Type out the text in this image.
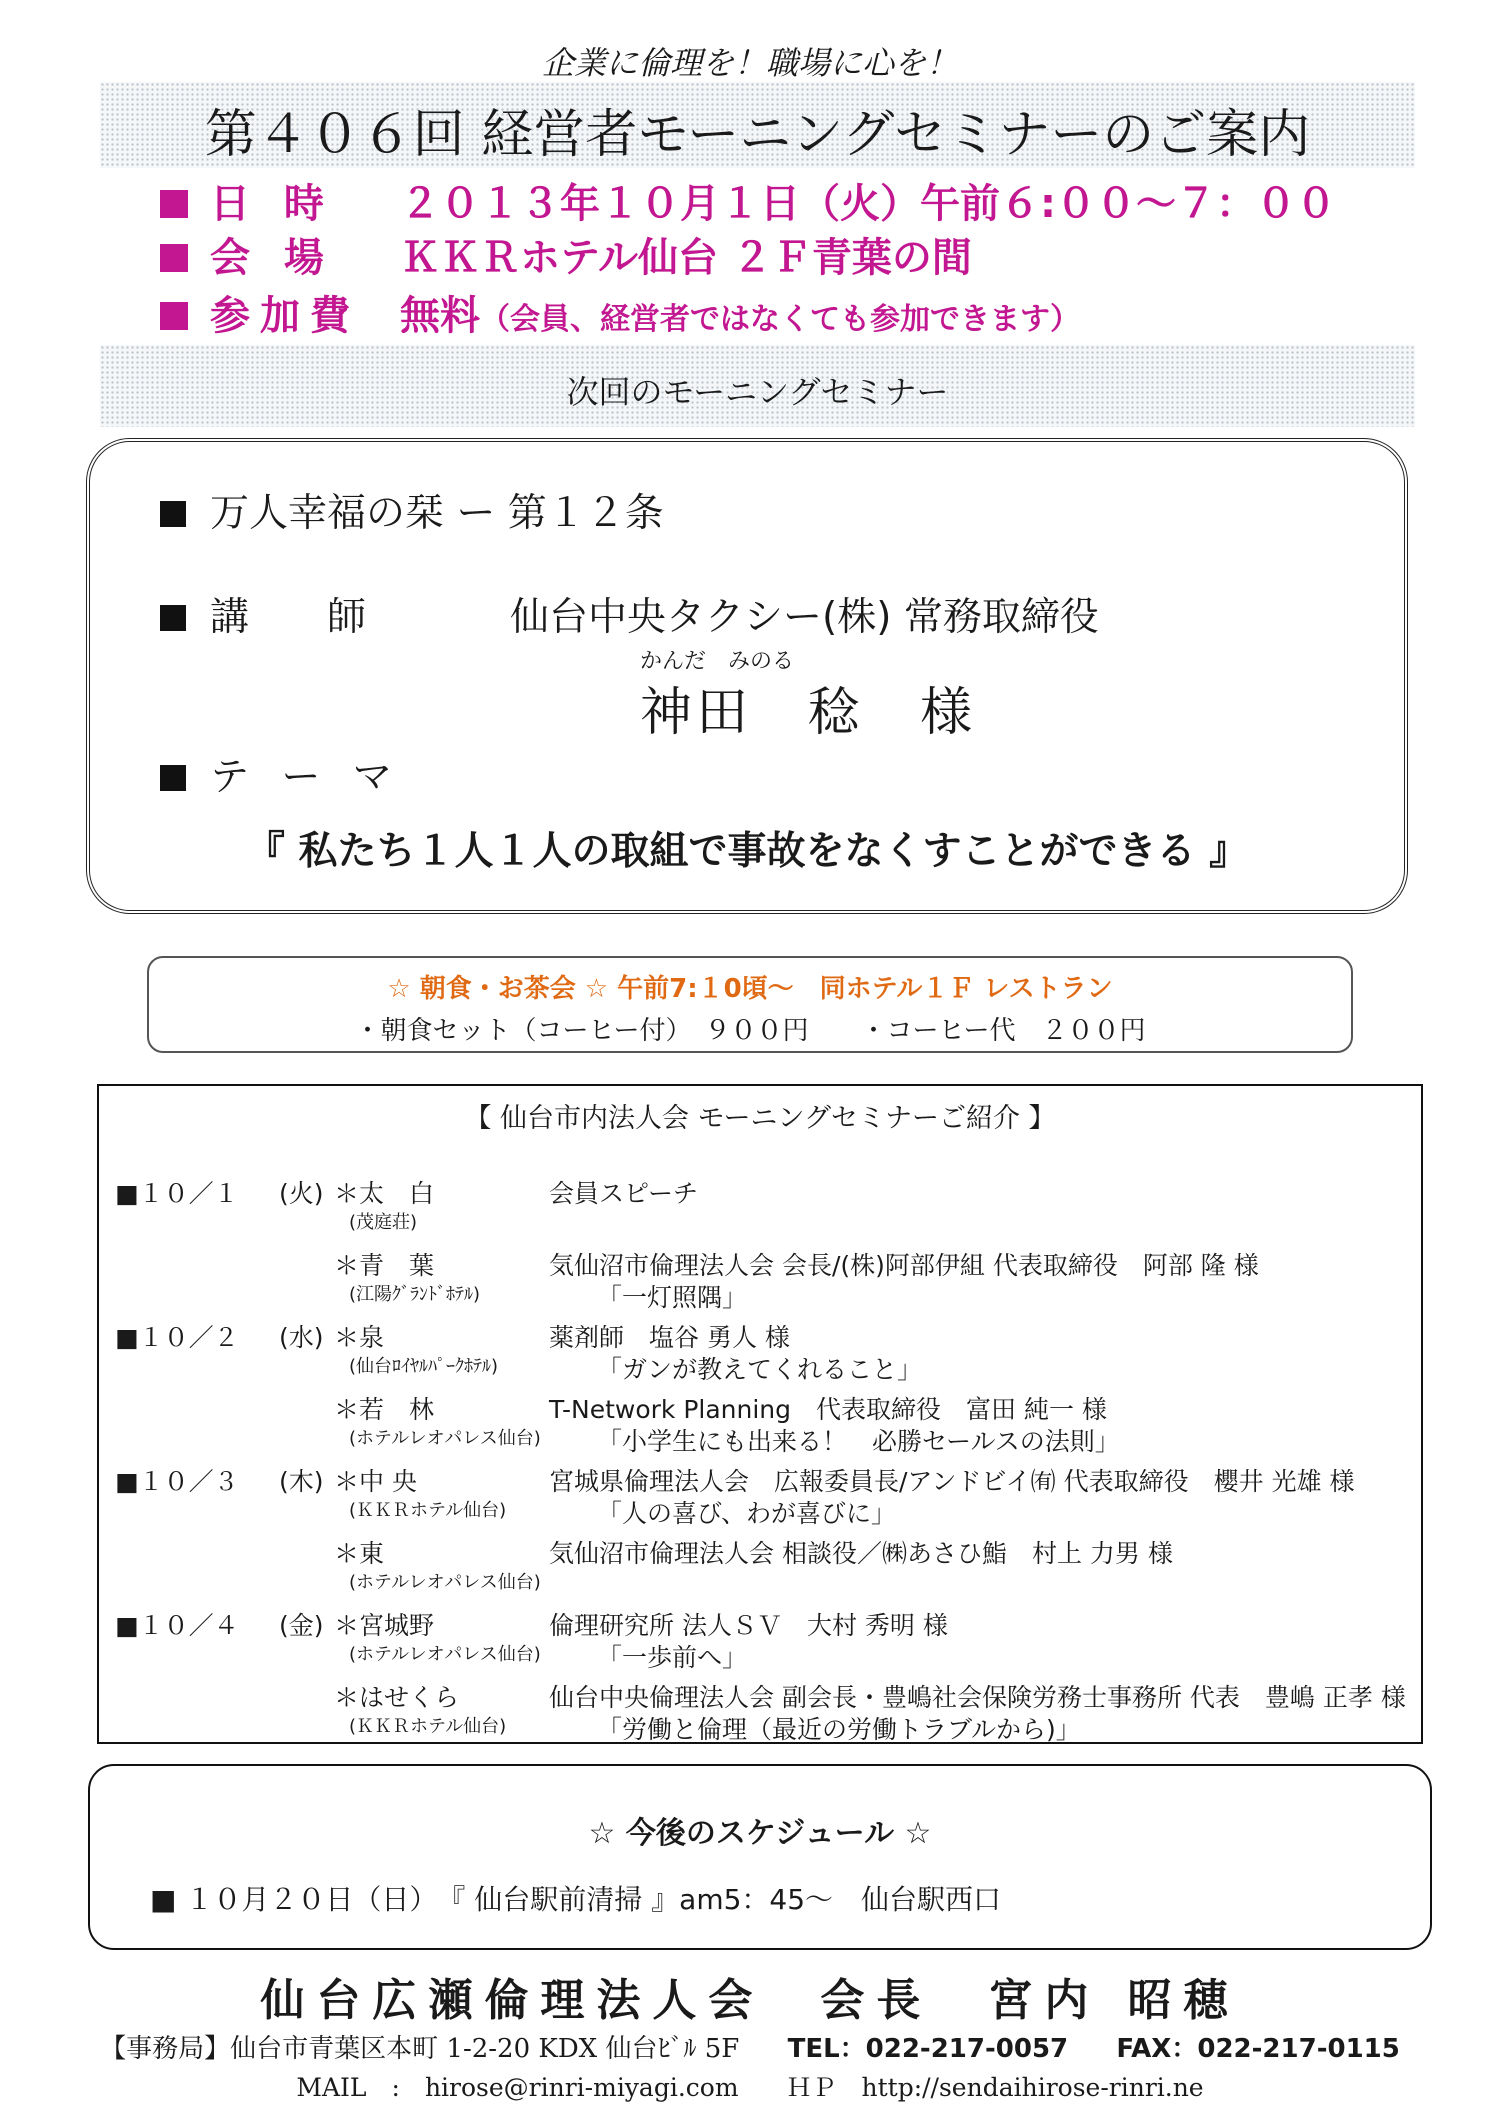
企業に倫理を！職場に心を！
第４０６回 経営者モーニングセミナーのご案内
日 時 ２０１３年１０月１日（火）午前６:００～７：００
会 場 ＫＫＲホテル仙台 ２Ｆ青葉の間
参加費 無料（会員、経営者ではなくても参加できます）
次回のモーニングセミナー
万人幸福の栞 ー 第１２条
講　　師	仙台中央タクシー(株) 常務取締役
かんだ　みのる
神田　稔　様
テ ー マ
『 私たち１人１人の取組で事故をなくすことができる 』
☆ 朝食・お茶会 ☆ 午前7:１0頃～　同ホテル１Ｆ レストラン
・朝食セット（コーヒー付）　９００円　　・コーヒー代　２００円
【 仙台市内法人会 モーニングセミナーご紹介 】
■１０／１	(火) ＊太　白	会員スピーチ
(茂庭荘)
＊青　葉	気仙沼市倫理法人会 会長/(株)阿部伊組 代表取締役　阿部 隆 様
(江陽ｸﾞﾗﾝﾄﾞﾎﾃﾙ)	「一灯照隅」
■１０／２	(水) ＊泉	薬剤師　塩谷 勇人 様
(仙台ﾛｲﾔﾙﾊﾟｰｸﾎﾃﾙ)	「ガンが教えてくれること」
＊若　林	T-Network Planning　代表取締役　富田 純一 様
(ホテルレオパレス仙台) 「小学生にも出来る！　必勝セールスの法則」
■１０／３	(木) ＊中 央	宮城県倫理法人会　広報委員長/アンドビイ㈲ 代表取締役　櫻井 光雄 様
(ＫＫＲホテル仙台)	「人の喜び、わが喜びに」
＊東	気仙沼市倫理法人会 相談役／㈱あさひ鮨　村上 力男 様
(ホテルレオパレス仙台)
■１０／４	(金) ＊宮城野	倫理研究所 法人ＳＶ　大村 秀明 様
(ホテルレオパレス仙台) 「一歩前へ」
＊はせくら	仙台中央倫理法人会 副会長・豊嶋社会保険労務士事務所 代表　豊嶋 正孝 様
(ＫＫＲホテル仙台)	「労働と倫理（最近の労働トラブルから)」
☆ 今後のスケジュール ☆
■ １０月２０日（日）　『 仙台駅前清掃 』am5：45～　仙台駅西口
仙台広瀬倫理法人会　会長　宮内 昭穂
【事務局】仙台市青葉区本町 1-2-20 KDX 仙台ﾋﾞﾙ 5F TEL：022-217-0057 FAX：022-217-0115
MAIL　:　hirose@rinri-miyagi.com ＨＰ　http://sendaihirose-rinri.ne
